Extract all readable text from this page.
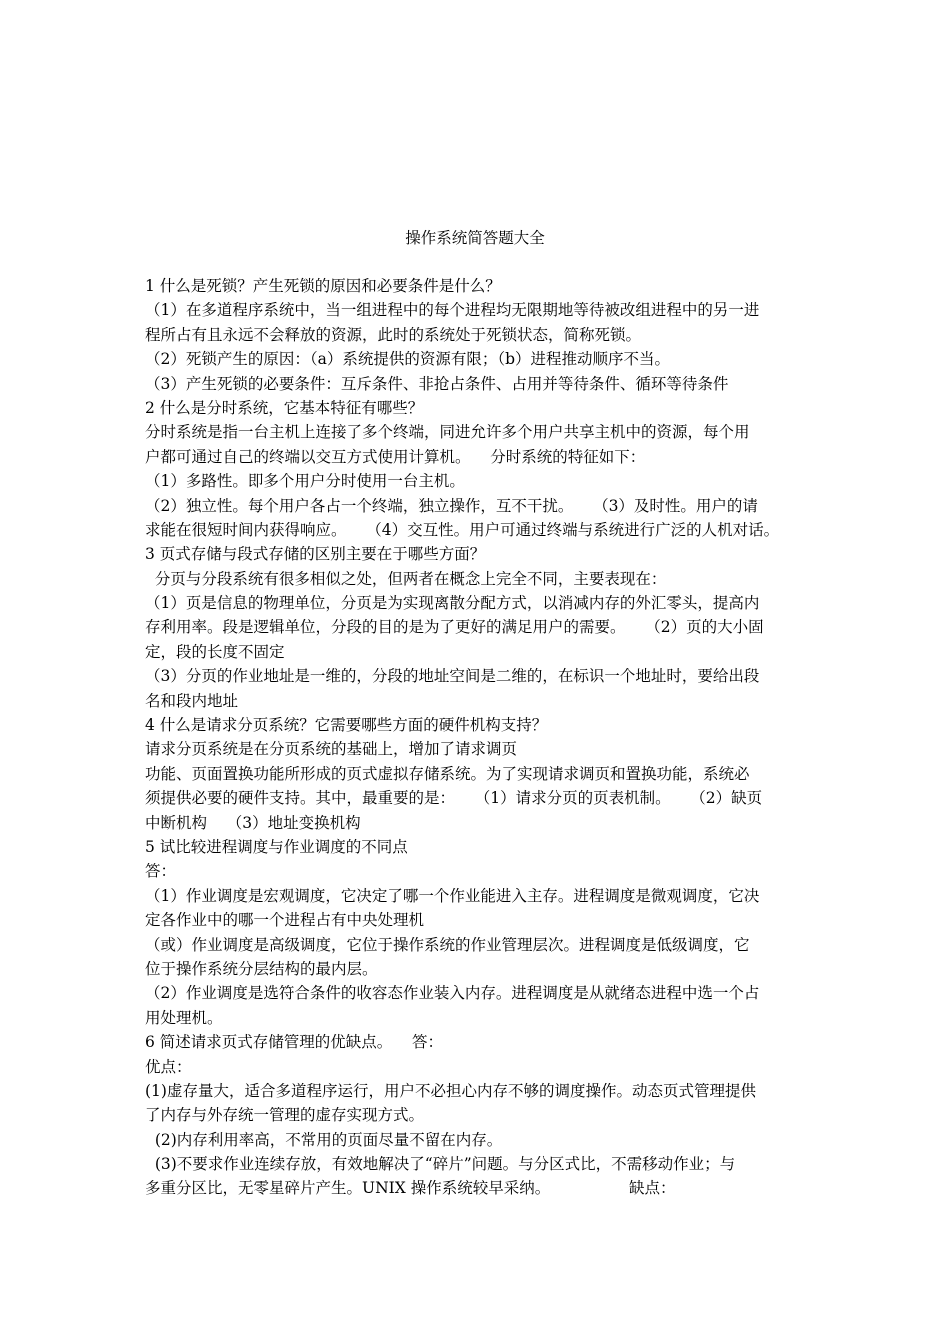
操作系统简答题大全
1 什么是死锁？产生死锁的原因和必要条件是什么？
（1）在多道程序系统中，当一组进程中的每个进程均无限期地等待被改组进程中的另一进
程所占有且永远不会释放的资源，此时的系统处于死锁状态，简称死锁。
（2）死锁产生的原因：（a）系统提供的资源有限；（b）进程推动顺序不当。
（3）产生死锁的必要条件：互斥条件、非抢占条件、占用并等待条件、循环等待条件
2 什么是分时系统，它基本特征有哪些？
分时系统是指一台主机上连接了多个终端，同进允许多个用户共享主机中的资源，每个用
户都可通过自己的终端以交互方式使用计算机。    分时系统的特征如下：
（1）多路性。即多个用户分时使用一台主机。
（2）独立性。每个用户各占一个终端，独立操作，互不干扰。    （3）及时性。用户的请
求能在很短时间内获得响应。    （4）交互性。用户可通过终端与系统进行广泛的人机对话。
3 页式存储与段式存储的区别主要在于哪些方面？
分页与分段系统有很多相似之处，但两者在概念上完全不同，主要表现在：
（1）页是信息的物理单位，分页是为实现离散分配方式，以消减内存的外汇零头，提高内
存利用率。段是逻辑单位，分段的目的是为了更好的满足用户的需要。    （2）页的大小固
定，段的长度不固定
（3）分页的作业地址是一维的，分段的地址空间是二维的，在标识一个地址时，要给出段
名和段内地址
4 什么是请求分页系统？它需要哪些方面的硬件机构支持？
请求分页系统是在分页系统的基础上，增加了请求调页
功能、页面置换功能所形成的页式虚拟存储系统。为了实现请求调页和置换功能，系统必
须提供必要的硬件支持。其中，最重要的是：    （1）请求分页的页表机制。    （2）缺页
中断机构    （3）地址变换机构
5 试比较进程调度与作业调度的不同点
答：
（1）作业调度是宏观调度，它决定了哪一个作业能进入主存。进程调度是微观调度，它决
定各作业中的哪一个进程占有中央处理机
（或）作业调度是高级调度，它位于操作系统的作业管理层次。进程调度是低级调度，它
位于操作系统分层结构的最内层。
（2）作业调度是选符合条件的收容态作业装入内存。进程调度是从就绪态进程中选一个占
用处理机。
6 简述请求页式存储管理的优缺点。    答：
优点：
(1)虚存量大，适合多道程序运行，用户不必担心内存不够的调度操作。动态页式管理提供
了内存与外存统一管理的虚存实现方式。
(2)内存利用率高，不常用的页面尽量不留在内存。
(3)不要求作业连续存放，有效地解决了“碎片”问题。与分区式比，不需移动作业；与
多重分区比，无零星碎片产生。UNIX 操作系统较早采纳。                缺点：
